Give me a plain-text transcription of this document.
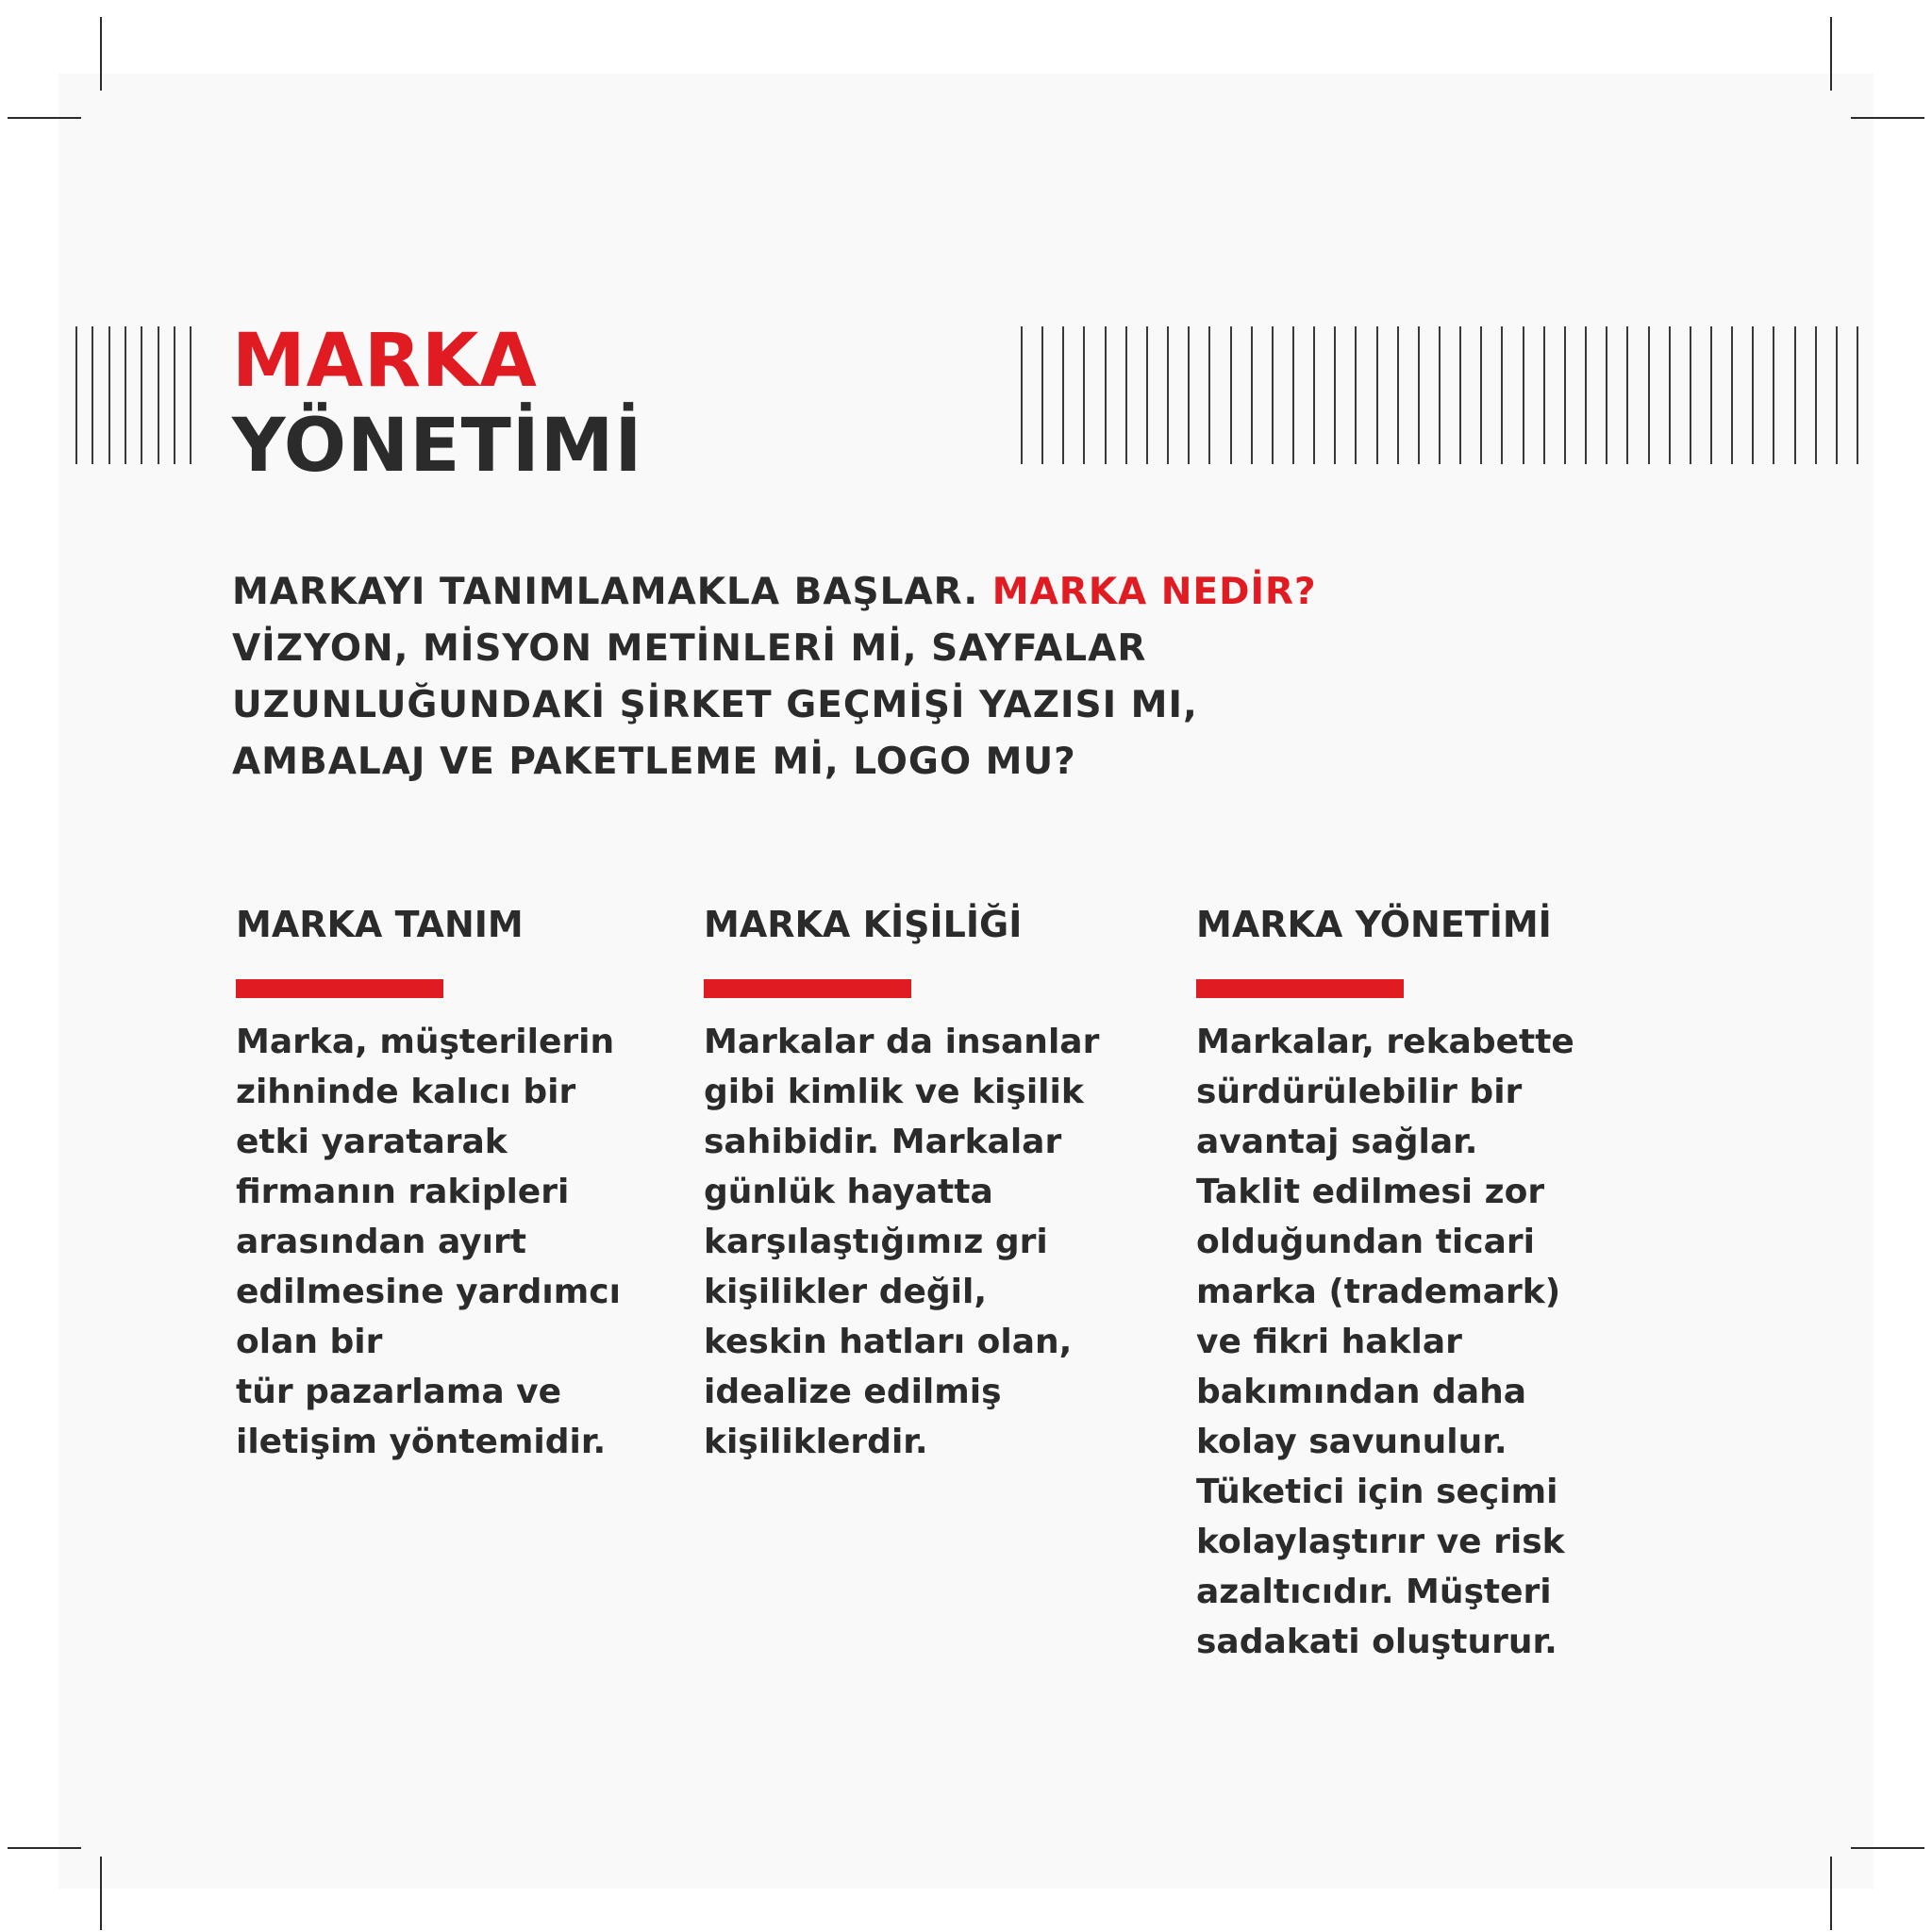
MARKA
YÖNETİMİ
MARKAYI TANIMLAMAKLA BAŞLAR. MARKA NEDİR?
VİZYON, MİSYON METİNLERİ Mİ, SAYFALAR
UZUNLUĞUNDAKİ ŞİRKET GEÇMİŞİ YAZISI MI,
AMBALAJ VE PAKETLEME Mİ, LOGO MU?
MARKA TANIM

Marka, müşterilerin
zihninde kalıcı bir
etki yaratarak
firmanın rakipleri
arasından ayırt
edilmesine yardımcı
olan bir
tür pazarlama ve
iletişim yöntemidir.

MARKA KİŞİLİĞİ

Markalar da insanlar
gibi kimlik ve kişilik
sahibidir. Markalar
günlük hayatta
karşılaştığımız gri
kişilikler değil,
keskin hatları olan,
idealize edilmiş
kişiliklerdir.

MARKA YÖNETİMİ

Markalar, rekabette
sürdürülebilir bir
avantaj sağlar.
Taklit edilmesi zor
olduğundan ticari
marka (trademark)
ve fikri haklar
bakımından daha
kolay savunulur.
Tüketici için seçimi
kolaylaştırır ve risk
azaltıcıdır. Müşteri
sadakati oluşturur.
